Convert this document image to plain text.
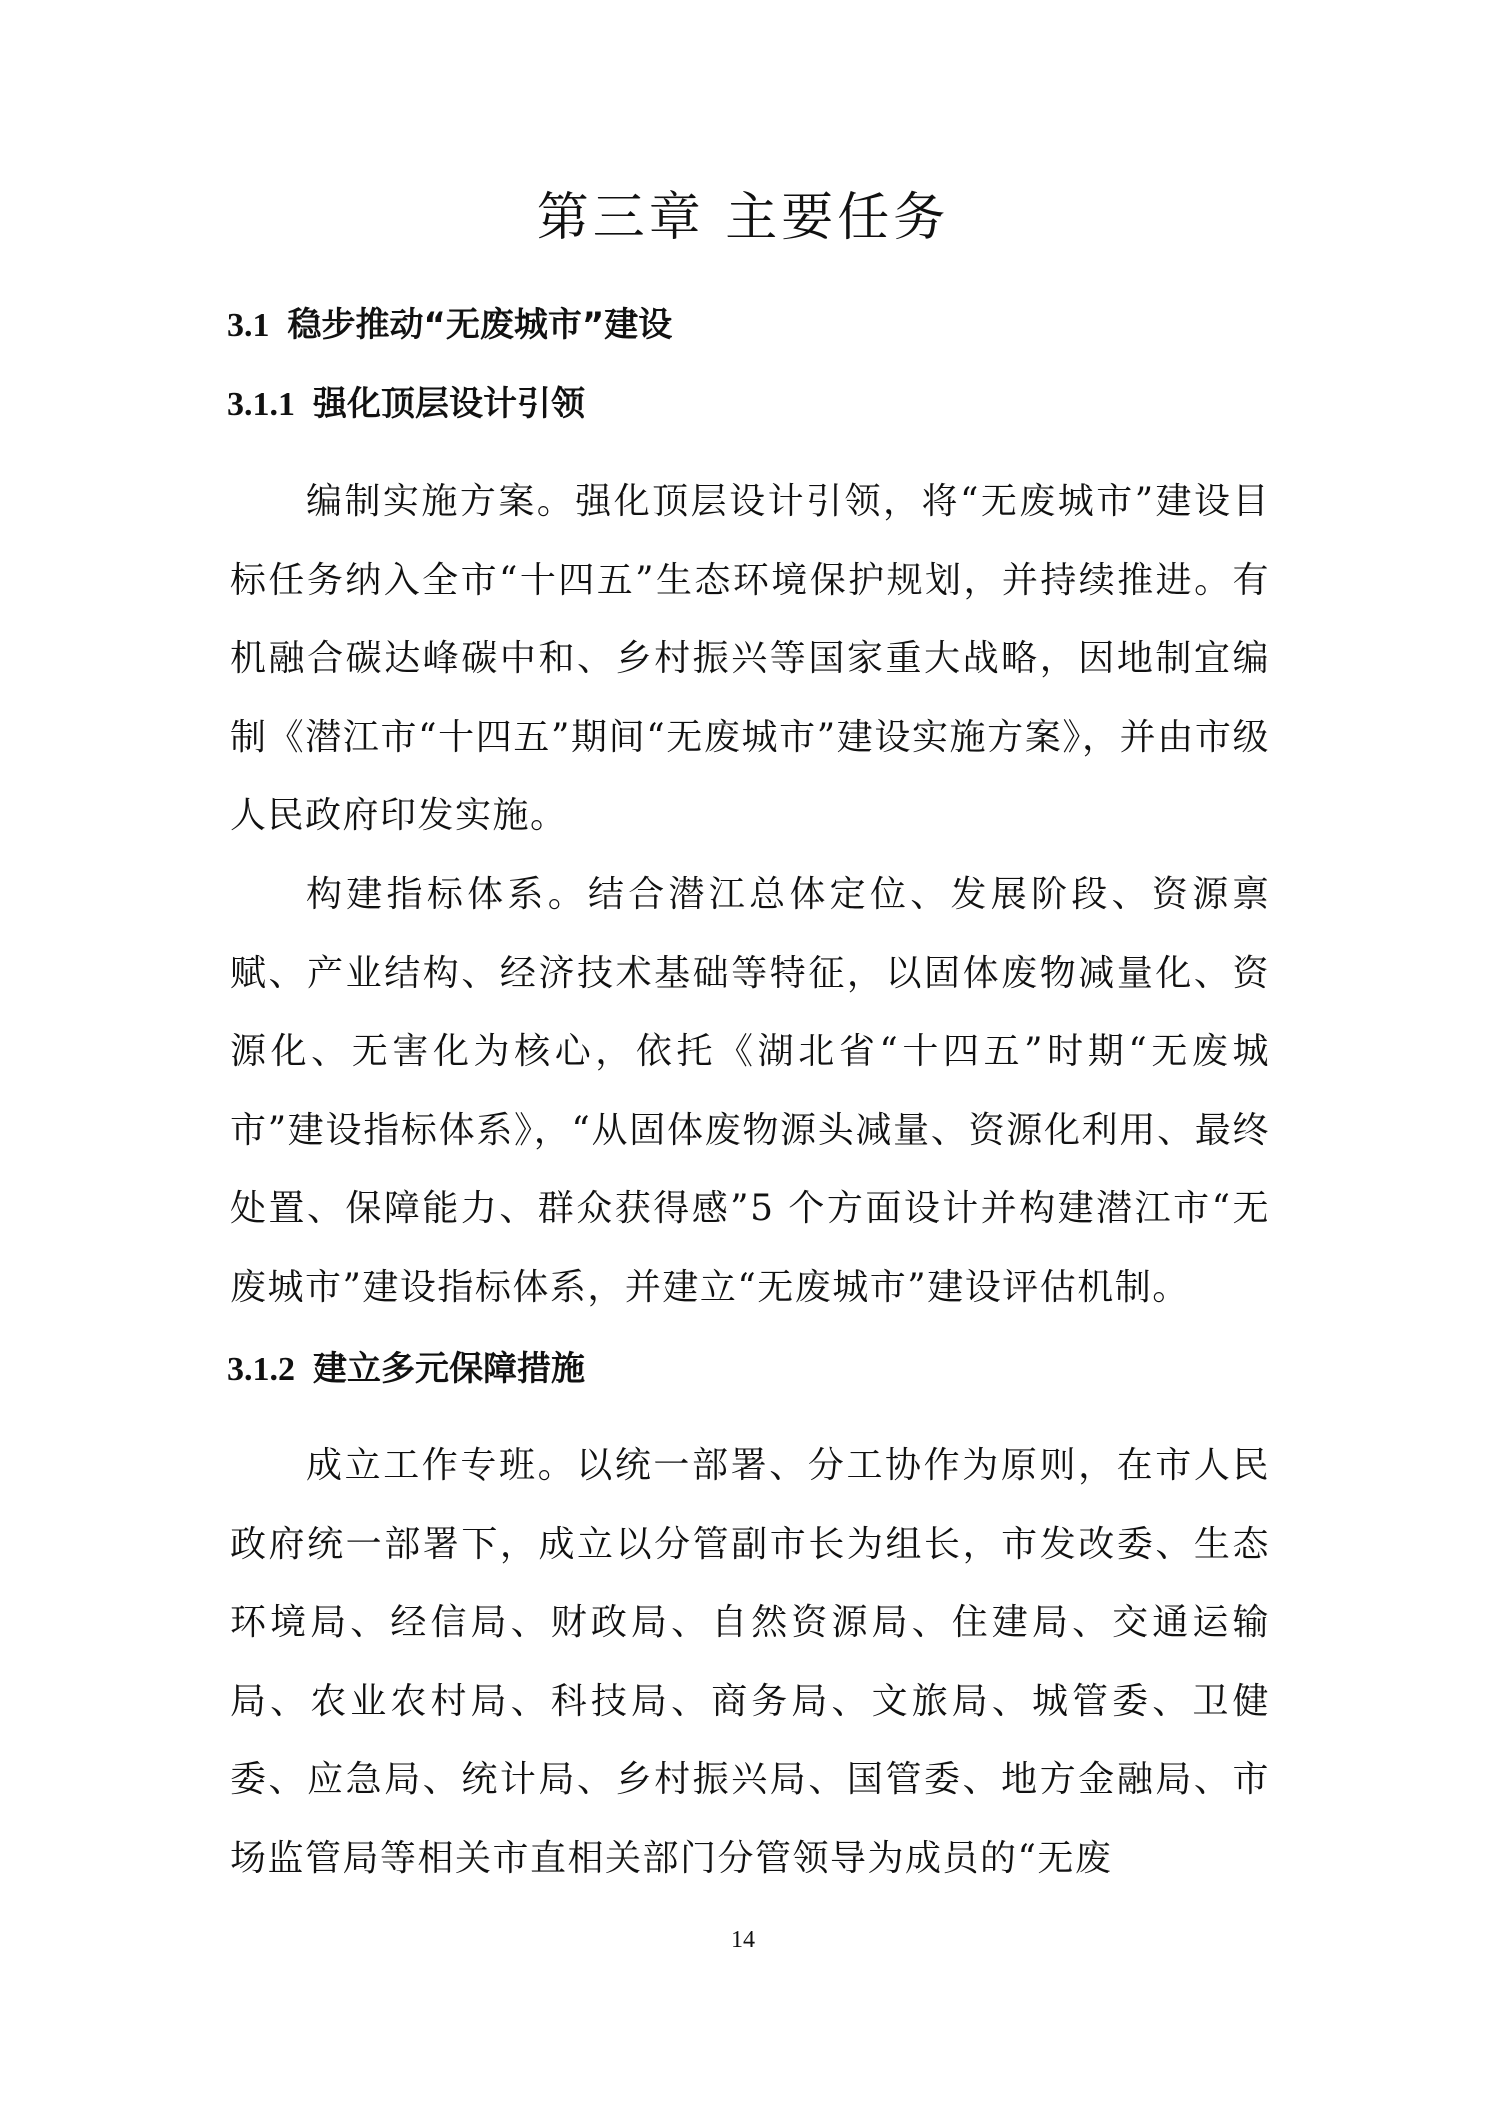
第三章 主要任务
3.1 稳步推动“无废城市”建设
3.1.1 强化顶层设计引领

编制实施方案。强化顶层设计引领，将“无废城市”建设目标任务纳入全市“十四五”生态环境保护规划，并持续推进。有机融合碳达峰碳中和、乡村振兴等国家重大战略，因地制宜编制《潜江市“十四五”期间“无废城市”建设实施方案》，并由市级人民政府印发实施。

构建指标体系。结合潜江总体定位、发展阶段、资源禀赋、产业结构、经济技术基础等特征，以固体废物减量化、资源化、无害化为核心，依托《湖北省“十四五”时期“无废城市”建设指标体系》，“从固体废物源头减量、资源化利用、最终处置、保障能力、群众获得感”5 个方面设计并构建潜江市“无废城市”建设指标体系，并建立“无废城市”建设评估机制。

3.1.2 建立多元保障措施

成立工作专班。以统一部署、分工协作为原则，在市人民政府统一部署下，成立以分管副市长为组长，市发改委、生态环境局、经信局、财政局、自然资源局、住建局、交通运输局、农业农村局、科技局、商务局、文旅局、城管委、卫健委、应急局、统计局、乡村振兴局、国管委、地方金融局、市场监管局等相关市直相关部门分管领导为成员的“无废

14
